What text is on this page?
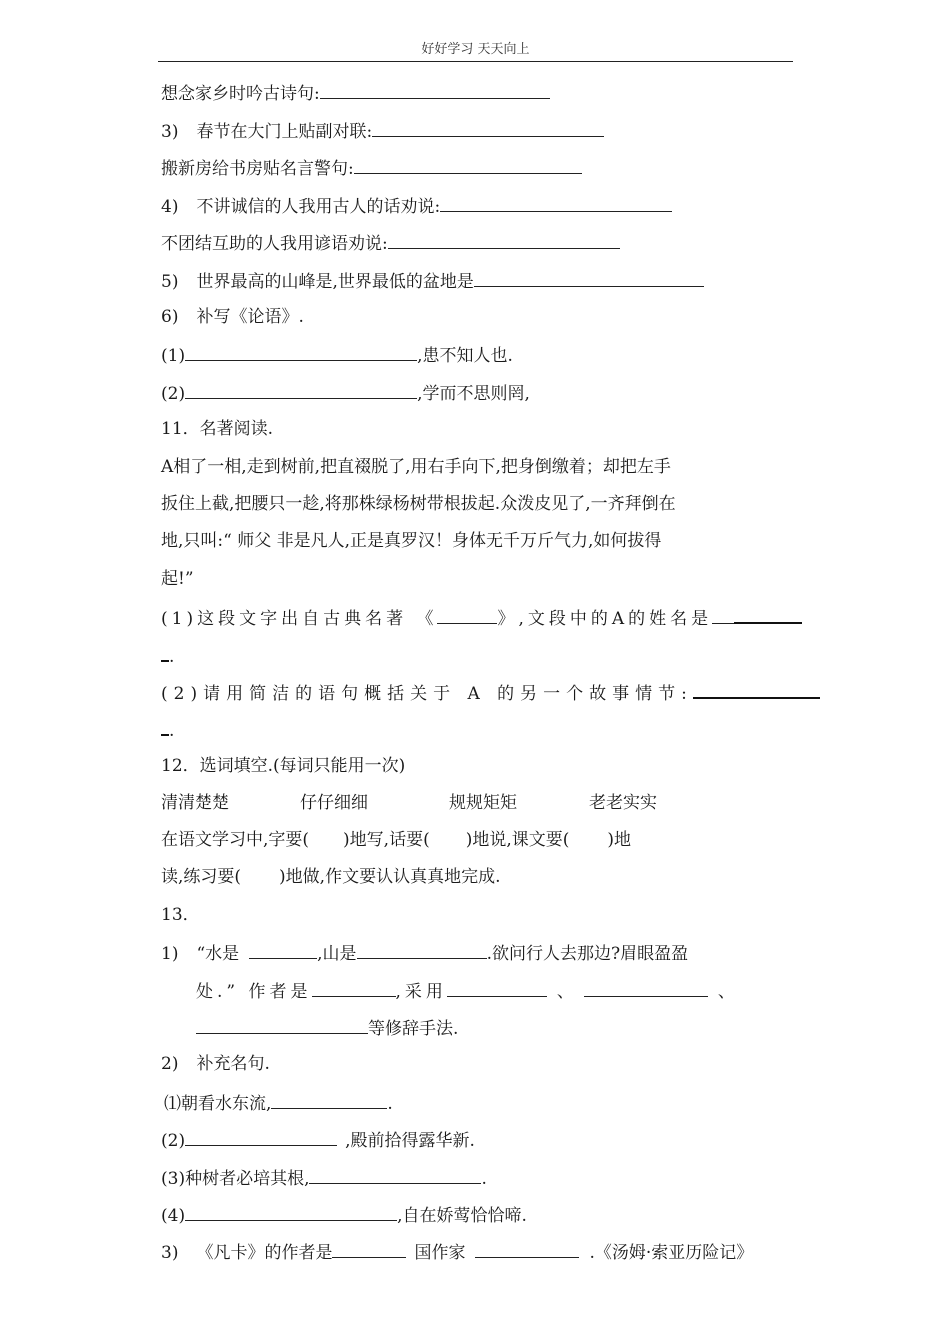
好好学习 天天向上
想念家乡时吟古诗句:
3) 春节在大门上贴副对联:
搬新房给书房贴名言警句:
4) 不讲诚信的人我用古人的话劝说:
不团结互助的人我用谚语劝说:
5) 世界最高的山峰是,世界最低的盆地是
6) 补写《论语》.
(1)	,患不知人也.
(2)	,学而不思则罔,
11．名著阅读.
A相了一相,走到树前,把直裰脱了,用右手向下,把身倒缴着；却把左手
扳住上截,把腰只一趁,将那株绿杨树带根拔起.众泼皮见了,一齐拜倒在
地,只叫:“ 师父 非是凡人,正是真罗汉！身体无千万斤气力,如何拔得
起!”
(1)这段文字出自古典名著 《	》,文段中的A的姓名是
.
(2)请用简洁的语句概括关于 A 的另一个故事情节:
.
12．选词填空.(每词只能用一次)
清清楚楚	仔仔细细	规规矩矩	老老实实
在语文学习中,字要( )地写,话要( )地说,课文要( )地
读,练习要( )地做,作文要认认真真地完成.
13．
1) “水是	,山是	.欲问行人去那边?眉眼盈盈
处.” 作者是	,采用	、	、
等修辞手法.
2) 补充名句.
⑴朝看水东流,	.
(2)	,殿前拾得露华新.
(3)种树者必培其根,	.
(4)	,自在娇莺恰恰啼.
3) 《凡卡》的作者是	国作家	.《汤姆·索亚历险记》
